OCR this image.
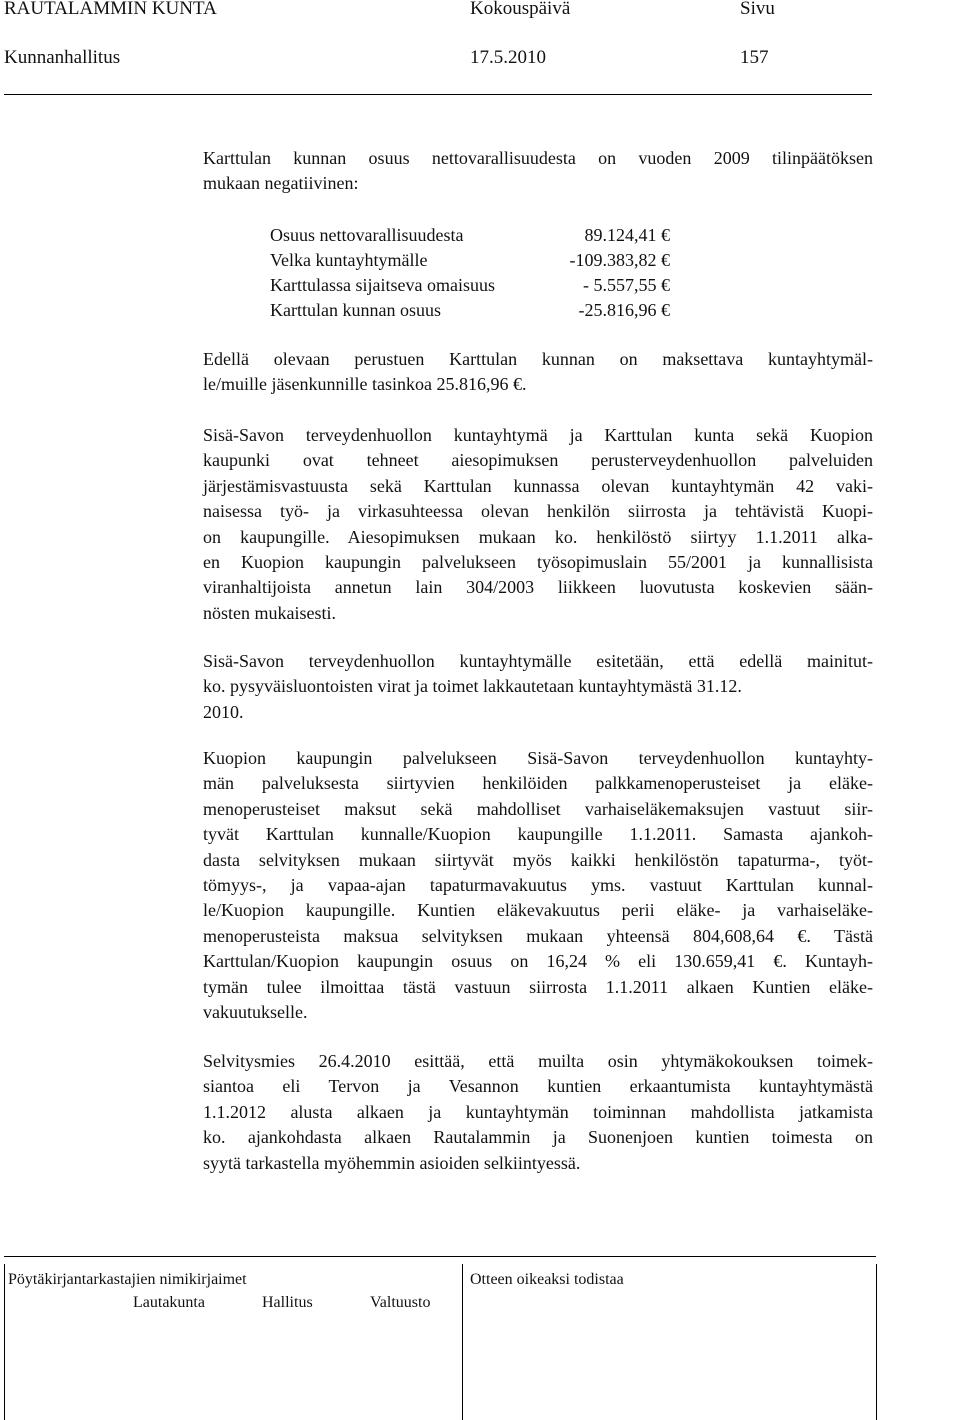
RAUTALAMMIN KUNTA	Kokouspäivä	Sivu
Kunnanhallitus	17.5.2010	157
Karttulan kunnan osuus nettovarallisuudesta on vuoden 2009 tilinpäätöksen
mukaan negatiivinen:
Osuus nettovarallisuudesta	89.124,41 €
Velka kuntayhtymälle	-109.383,82 €
Karttulassa sijaitseva omaisuus	- 5.557,55 €
Karttulan kunnan osuus	-25.816,96 €
Edellä olevaan perustuen Karttulan kunnan on maksettava kuntayhtymäl-
le/muille jäsenkunnille tasinkoa 25.816,96 €.
Sisä-Savon terveydenhuollon kuntayhtymä ja Karttulan kunta sekä Kuopion
kaupunki ovat tehneet aiesopimuksen perusterveydenhuollon palveluiden
järjestämisvastuusta sekä Karttulan kunnassa olevan kuntayhtymän 42 vaki-
naisessa työ- ja virkasuhteessa olevan henkilön siirrosta ja tehtävistä Kuopi-
on kaupungille. Aiesopimuksen mukaan ko. henkilöstö siirtyy 1.1.2011 alka-
en Kuopion kaupungin palvelukseen työsopimuslain 55/2001 ja kunnallisista
viranhaltijoista annetun lain 304/2003 liikkeen luovutusta koskevien sään-
nösten mukaisesti.
Sisä-Savon terveydenhuollon kuntayhtymälle esitetään, että edellä mainitut-
ko. pysyväisluontoisten virat ja toimet lakkautetaan kuntayhtymästä 31.12.
2010.
Kuopion kaupungin palvelukseen Sisä-Savon terveydenhuollon kuntayhty-
män palveluksesta siirtyvien henkilöiden palkkamenoperusteiset ja eläke-
menoperusteiset maksut sekä mahdolliset varhaiseläkemaksujen vastuut siir-
tyvät Karttulan kunnalle/Kuopion kaupungille 1.1.2011. Samasta ajankoh-
dasta selvityksen mukaan siirtyvät myös kaikki henkilöstön tapaturma-, työt-
tömyys-, ja vapaa-ajan tapaturmavakuutus yms. vastuut Karttulan kunnal-
le/Kuopion kaupungille. Kuntien eläkevakuutus perii eläke- ja varhaiseläke-
menoperusteista maksua selvityksen mukaan yhteensä 804,608,64 €. Tästä
Karttulan/Kuopion kaupungin osuus on 16,24 % eli 130.659,41 €. Kuntayh-
tymän tulee ilmoittaa tästä vastuun siirrosta 1.1.2011 alkaen Kuntien eläke-
vakuutukselle.
Selvitysmies 26.4.2010 esittää, että muilta osin yhtymäkokouksen toimek-
siantoa eli Tervon ja Vesannon kuntien erkaantumista kuntayhtymästä
1.1.2012 alusta alkaen ja kuntayhtymän toiminnan mahdollista jatkamista
ko. ajankohdasta alkaen Rautalammin ja Suonenjoen kuntien toimesta on
syytä tarkastella myöhemmin asioiden selkiintyessä.
Pöytäkirjantarkastajien nimikirjaimet	Otteen oikeaksi todistaa
Lautakunta	Hallitus	Valtuusto
